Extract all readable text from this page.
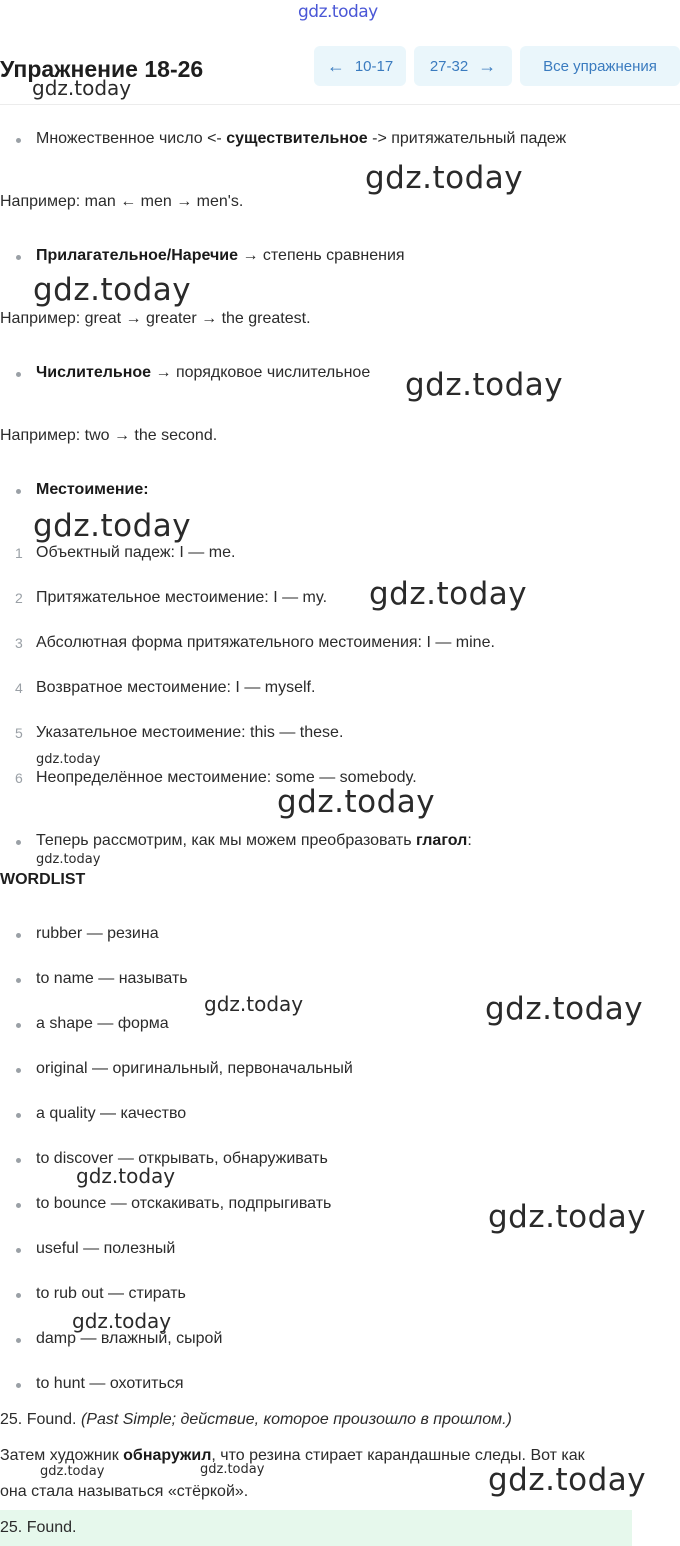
gdz.today
Упражнение 18-26	← 10-17 27-32 →	Все упражнения
Множественное число <- существительное -> притяжательный падеж
Например: man ← men → men's.
Прилагательное/Наречие → степень сравнения
Например: great → greater → the greatest.
Числительное → порядковое числительное
Например: two → the second.
Местоимение:
1 Объектный падеж: I — me.
2 Притяжательное местоимение: I — my.
3 Абсолютная форма притяжательного местоимения: I — mine.
4 Возвратное местоимение: I — myself.
5 Указательное местоимение: this — these.
6 Неопределённое местоимение: some — somebody.
Теперь рассмотрим, как мы можем преобразовать глагол:
WORDLIST
rubber — резина
to name — называть
a shape — форма
original — оригинальный, первоначальный
a quality — качество
to discover — открывать, обнаруживать
to bounce — отскакивать, подпрыгивать
useful — полезный
to rub out — стирать
damp — влажный, сырой
to hunt — охотиться
25. Found. (Past Simple; действие, которое произошло в прошлом.)
Затем художник обнаружил, что резина стирает карандашные следы. Вот как
она стала называться «стёркой».
25. Found.
gdz.today
gdz.today
gdz.today
gdz.today
gdz.today
gdz.today
gdz.today
gdz.today
gdz.today
gdz.today	gdz.today
gdz.today
gdz.today
gdz.today
gdz.today	gdz.today	gdz.today
